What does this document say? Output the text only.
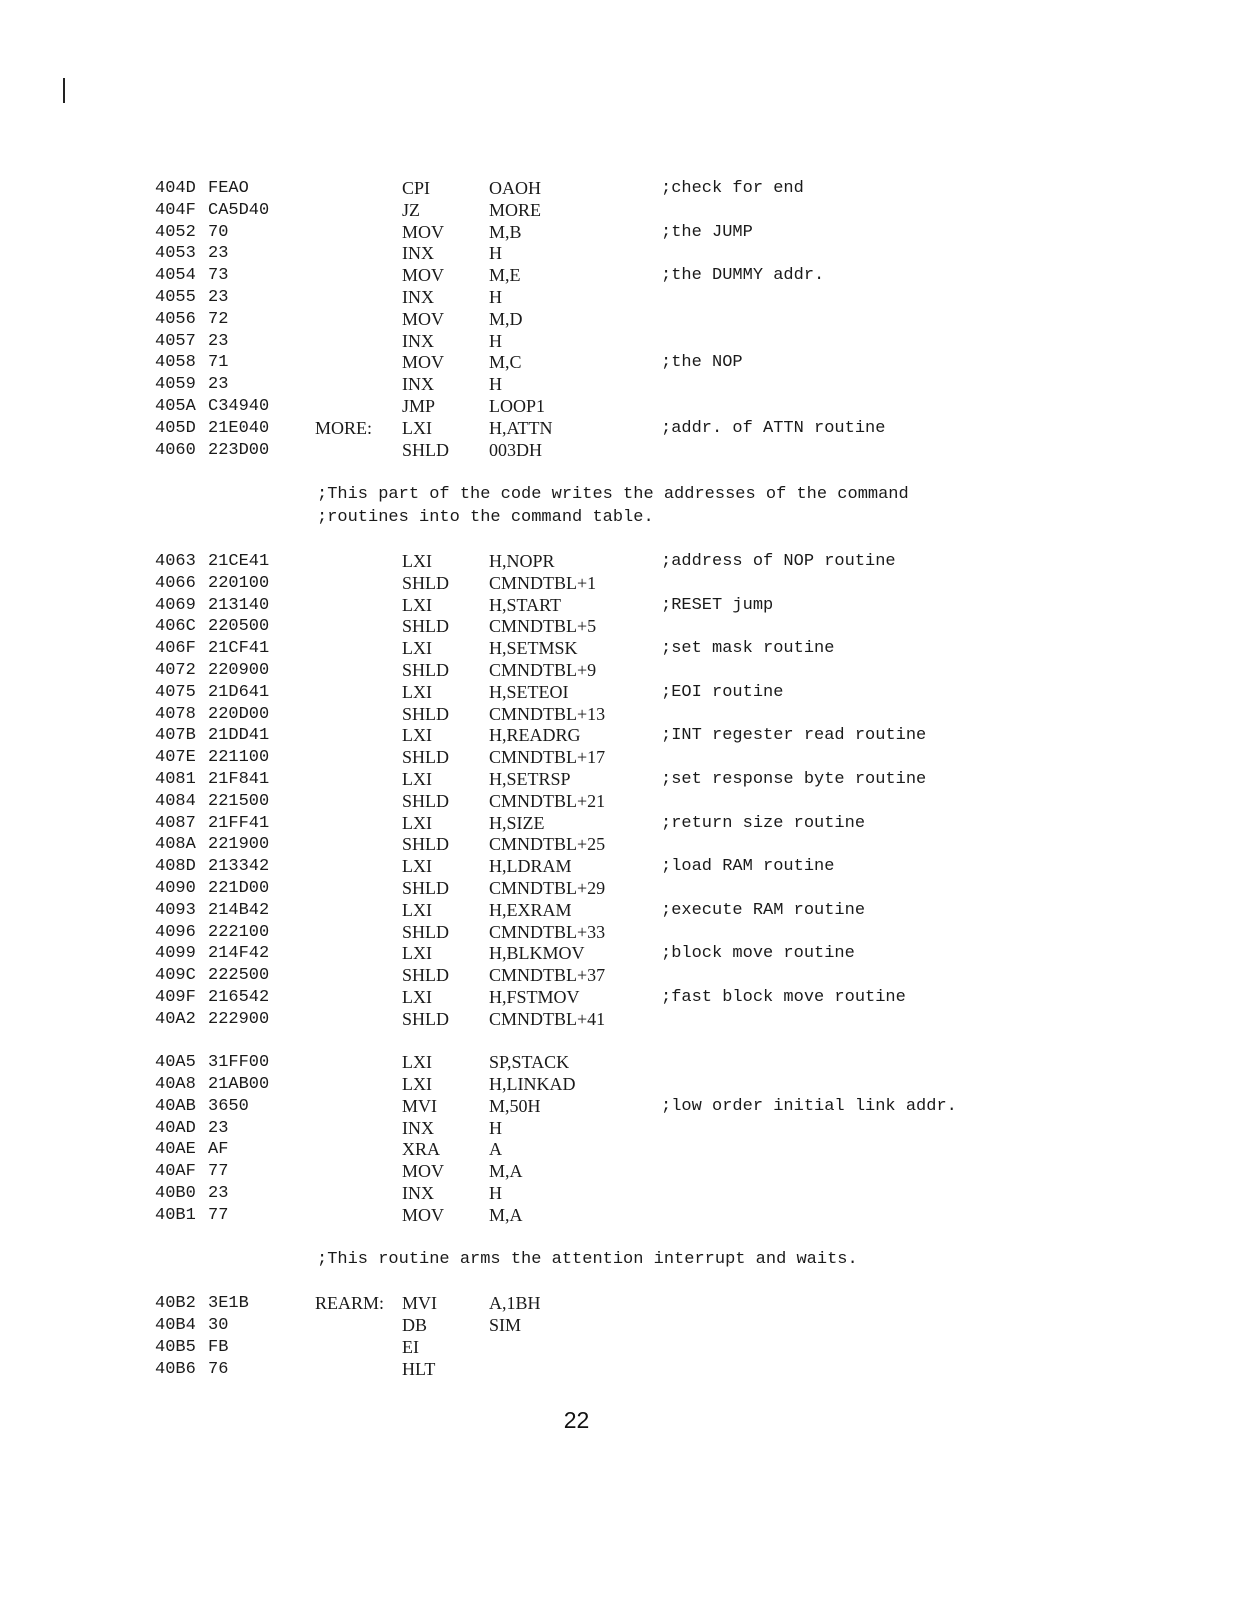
404D FEAO	CPI	OAOH	;check for end
404F CA5D40	JZ	MORE
4052 70	MOV M,B	;the JUMP
4053 23	INX	H
4054 73	MOV M,E	;the DUMMY addr.
4055 23	INX	H
4056 72	MOV M,D
4057 23	INX	H
4058 71	MOV M,C	;the NOP
4059 23	INX	H
405A C34940	JMP	LOOP1
405D 21E040	MORE: LXI	H,ATTN	;addr. of ATTN routine
4060 223D00	SHLD 003DH
;This part of the code writes the addresses of the command
;routines into the command table.
4063 21CE41	LXI	H,NOPR	;address of NOP routine
4066 220100	SHLD CMNDTBL+1
4069 213140	LXI	H,START	;RESET jump
406C 220500	SHLD CMNDTBL+5
406F 21CF41	LXI	H,SETMSK	;set mask routine
4072 220900	SHLD CMNDTBL+9
4075 21D641	LXI	H,SETEOI	;EOI routine
4078 220D00	SHLD CMNDTBL+13
407B 21DD41	LXI	H,READRG	;INT regester read routine
407E 221100	SHLD CMNDTBL+17
4081 21F841	LXI	H,SETRSP	;set response byte routine
4084 221500	SHLD CMNDTBL+21
4087 21FF41	LXI	H,SIZE	;return size routine
408A 221900	SHLD CMNDTBL+25
408D 213342	LXI	H,LDRAM	;load RAM routine
4090 221D00	SHLD CMNDTBL+29
4093 214B42	LXI	H,EXRAM	;execute RAM routine
4096 222100	SHLD CMNDTBL+33
4099 214F42	LXI	H,BLKMOV	;block move routine
409C 222500	SHLD CMNDTBL+37
409F 216542	LXI	H,FSTMOV	;fast block move routine
40A2 222900	SHLD CMNDTBL+41
40A5 31FF00	LXI	SP,STACK
40A8 21AB00	LXI	H,LINKAD
40AB 3650	MVI	M,50H	;low order initial link addr.
40AD 23	INX	H
40AE AF	XRA	A
40AF 77	MOV M,A
40B0 23	INX	H
40B1 77	MOV M,A
;This routine arms the attention interrupt and waits.
40B2 3E1B	REARM: MVI	A,1BH
40B4 30	DB	SIM
40B5 FB	EI
40B6 76	HLT
22
